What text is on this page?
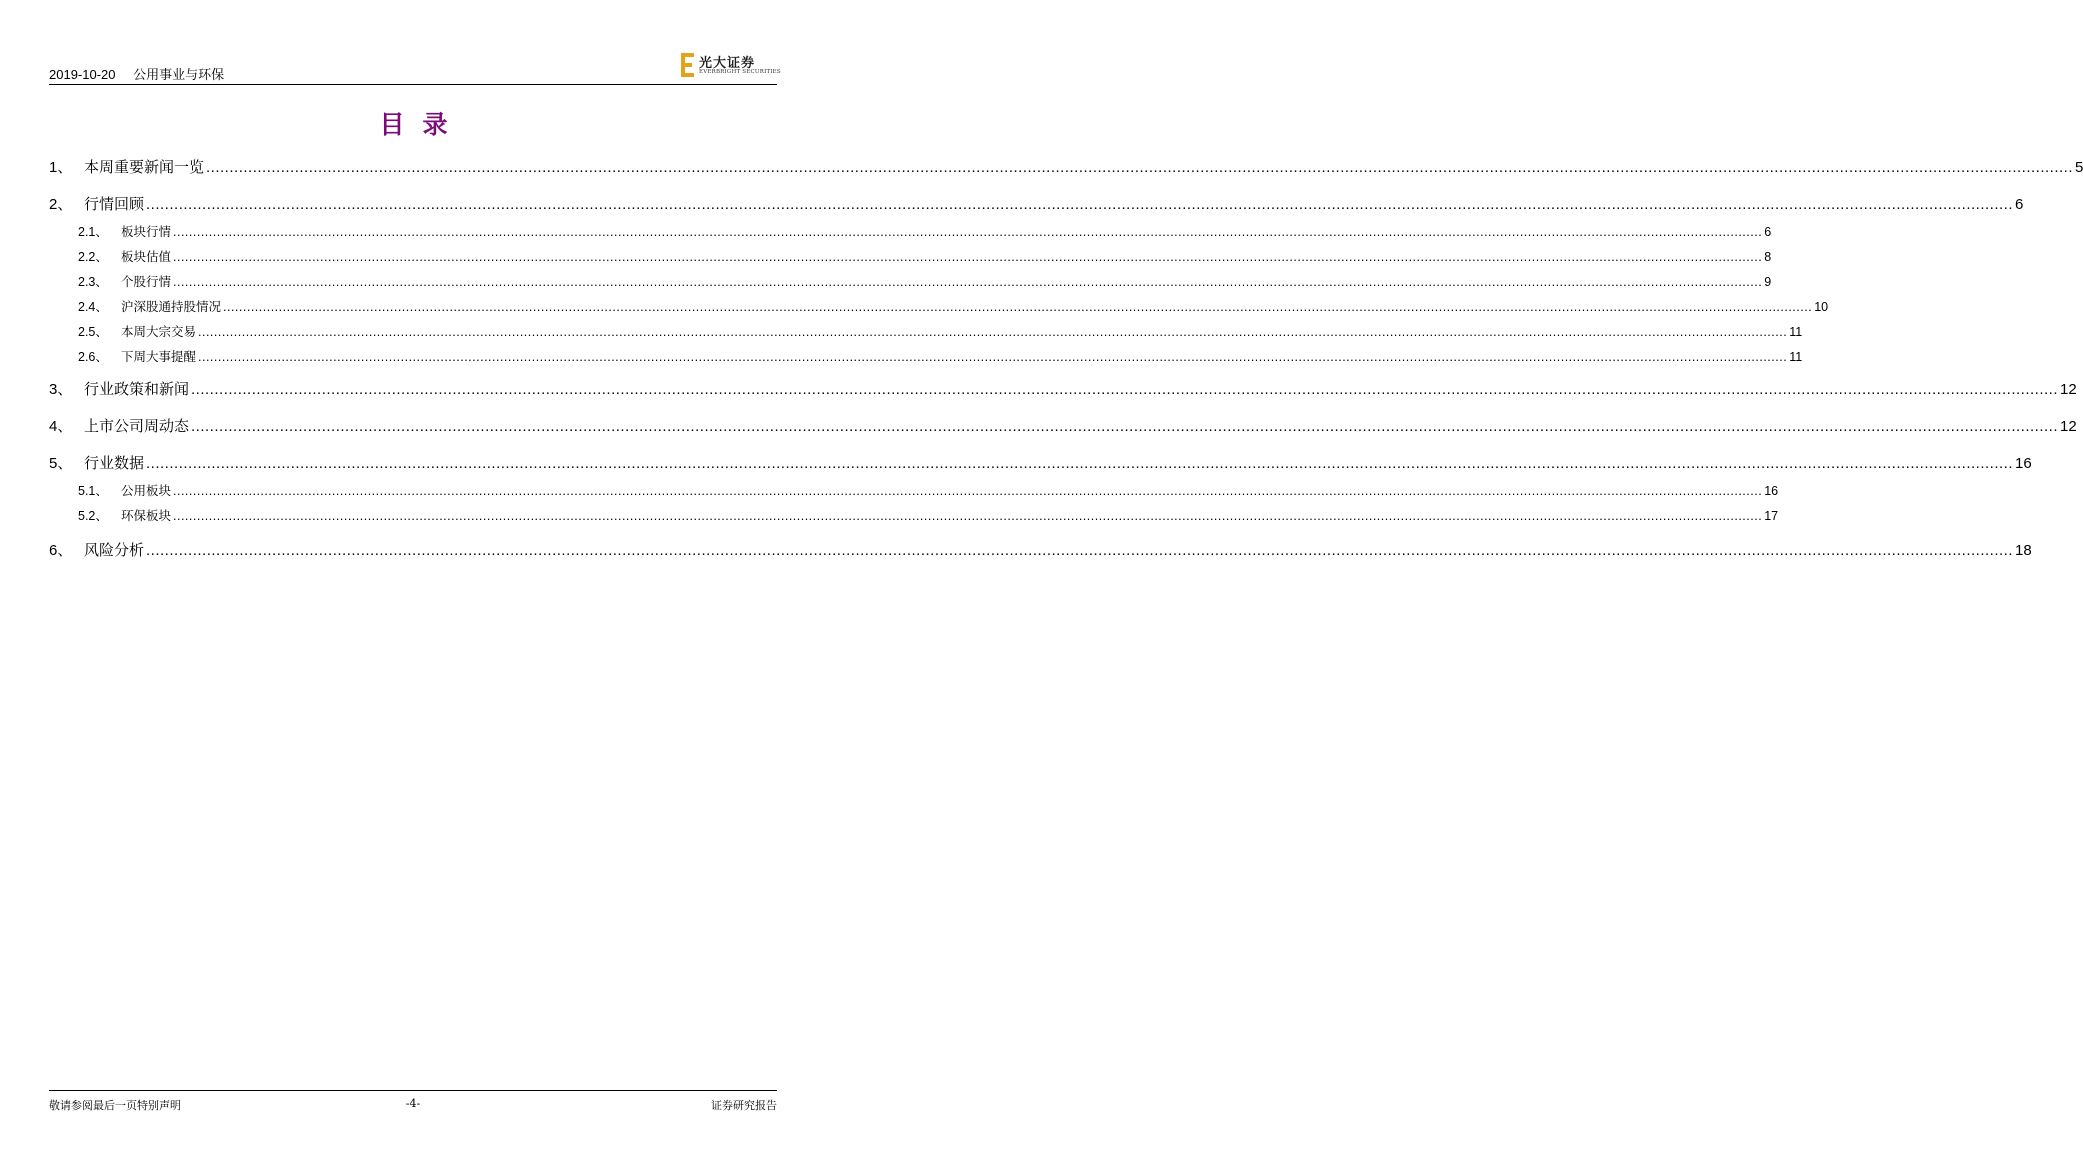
2019-10-20 公用事业与环保
光大证券
EVERBRIGHT SECURITIES
目录
1、 本周重要新闻一览 ................................................................................................................................................................................................................................................................................................................................................................................................................ 5
2、 行情回顾 ................................................................................................................................................................................................................................................................................................................................................................................................................ 6
2.1、	板块行情 ................................................................................................................................................................................................................................................................................................................................................................................................................ 6
2.2、	板块估值 ................................................................................................................................................................................................................................................................................................................................................................................................................ 8
2.3、	个股行情 ................................................................................................................................................................................................................................................................................................................................................................................................................ 9
2.4、	沪深股通持股情况 ................................................................................................................................................................................................................................................................................................................................................................................................................ 10
2.5、	本周大宗交易 ................................................................................................................................................................................................................................................................................................................................................................................................................ 11
2.6、	下周大事提醒 ................................................................................................................................................................................................................................................................................................................................................................................................................ 11
3、 行业政策和新闻 ................................................................................................................................................................................................................................................................................................................................................................................................................ 12
4、 上市公司周动态 ................................................................................................................................................................................................................................................................................................................................................................................................................ 12
5、 行业数据 ................................................................................................................................................................................................................................................................................................................................................................................................................ 16
5.1、	公用板块 ................................................................................................................................................................................................................................................................................................................................................................................................................ 16
5.2、	环保板块 ................................................................................................................................................................................................................................................................................................................................................................................................................ 17
6、 风险分析 ................................................................................................................................................................................................................................................................................................................................................................................................................ 18
敬请参阅最后一页特别声明	-4-	证券研究报告
